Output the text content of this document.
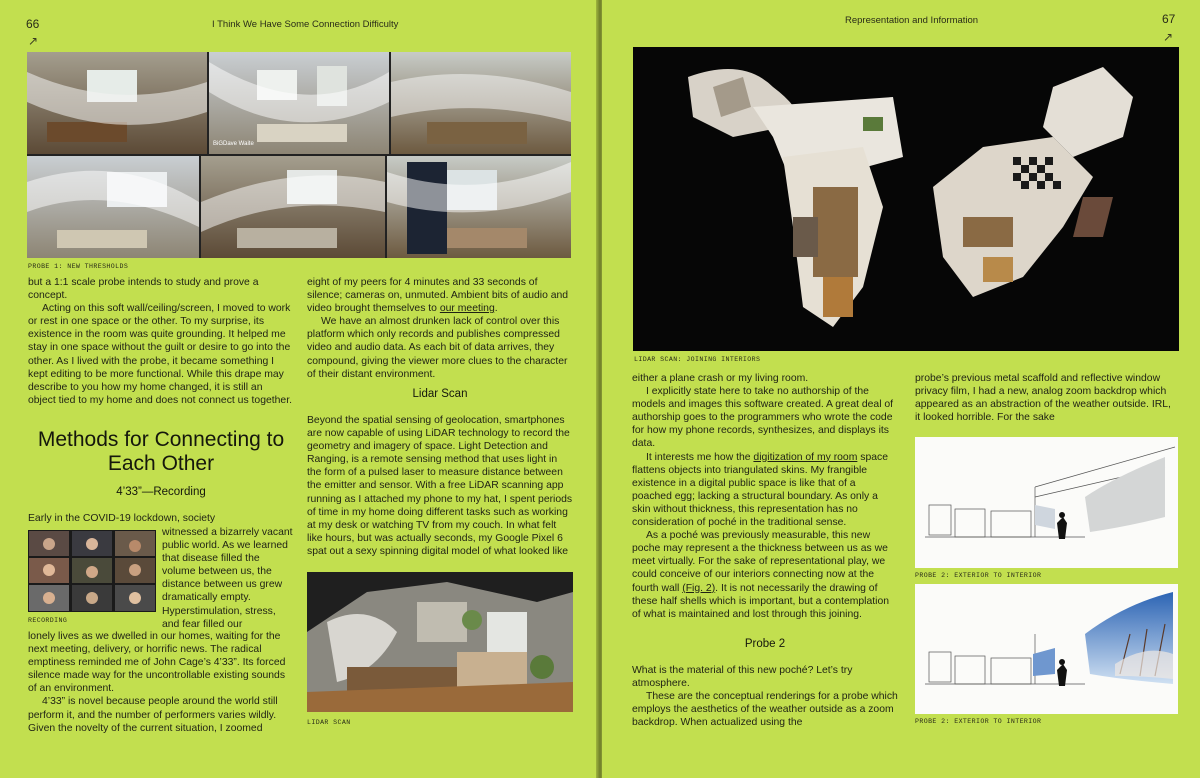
66	I Think We Have Some Connection Difficulty
↗
BiGDave Waite
PROBE 1: NEW THRESHOLDS

but a 1:1 scale probe intends to study and prove a concept.

Acting on this soft wall/ceiling/screen, I moved to work or rest in one space or the other. To my surprise, its existence in the room was quite grounding. It helped me stay in one space without the guilt or desire to go into the other. As I lived with the probe, it became something I kept editing to be more functional. While this drape may describe to you how my home changed, it is still an object tied to my home and does not connect us together.

Methods for Connecting to Each Other
4’33”—Recording
Early in the COVID-19 lockdown, society
RECORDING
witnessed a bizarrely vacant public world. As we learned that disease filled the volume between us, the distance between us grew dramatically empty. Hyperstimulation, stress, and fear filled our

lonely lives as we dwelled in our homes, waiting for the next meeting, delivery, or horrific news. The radical emptiness reminded me of John Cage’s 4’33”. Its forced silence made way for the uncontrollable existing sounds of an environment.

4’33” is novel because people around the world still perform it, and the number of performers varies wildly. Given the novelty of the current situation, I zoomed

eight of my peers for 4 minutes and 33 seconds of silence; cameras on, unmuted. Ambient bits of audio and video brought themselves to our meeting.

We have an almost drunken lack of control over this platform which only records and publishes compressed video and audio data. As each bit of data arrives, they compound, giving the viewer more clues to the character of their distant environment.

Lidar Scan
Beyond the spatial sensing of geolocation, smartphones are now capable of using LiDAR technology to record the geometry and imagery of space. Light Detection and Ranging, is a remote sensing method that uses light in the form of a pulsed laser to measure distance between the emitter and sensor. With a free LiDAR scanning app running as I attached my phone to my hat, I spent periods of time in my home doing different tasks such as working at my desk or watching TV from my couch. In what felt like hours, but was actually seconds, my Google Pixel 6 spat out a sexy spinning digital model of what looked like
LIDAR SCAN
Representation and Information	67
↗
LIDAR SCAN: JOINING INTERIORS

either a plane crash or my living room.

I explicitly state here to take no authorship of the models and images this software created. A great deal of authorship goes to the programmers who wrote the code for how my phone records, synthesizes, and displays its data.

It interests me how the digitization of my room space flattens objects into triangulated skins. My frangible existence in a digital public space is like that of a poached egg; lacking a structural boundary. As only a skin without thickness, this representation has no consideration of poché in the traditional sense.

As a poché was previously measurable, this new poche may represent a the thickness between us as we meet virtually. For the sake of representational play, we could conceive of our interiors connecting now at the fourth wall (Fig. 2). It is not necessarily the drawing of these half shells which is important, but a contemplation of what is maintained and lost through this joining.

Probe 2

What is the material of this new poché? Let’s try atmosphere.

These are the conceptual renderings for a probe which employs the aesthetics of the weather outside as a zoom backdrop. When actualized using the

probe’s previous metal scaffold and reflective window privacy film, I had a new, analog zoom backdrop which appeared as an abstraction of the weather outside. IRL, it looked horrible. For the sake
PROBE 2: EXTERIOR TO INTERIOR
PROBE 2: EXTERIOR TO INTERIOR
